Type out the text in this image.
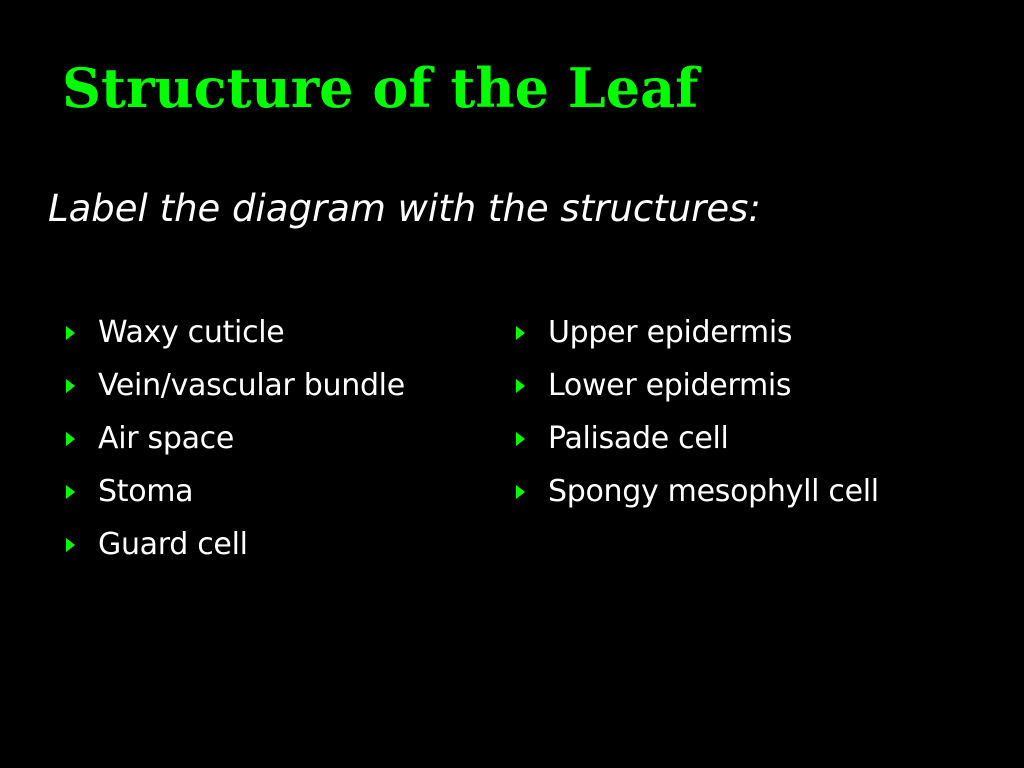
Structure of the Leaf

Label the diagram with the structures:

Waxy cuticle
Vein/vascular bundle
Air space
Stoma
Guard cell
Upper epidermis
Lower epidermis
Palisade cell
Spongy mesophyll cell
